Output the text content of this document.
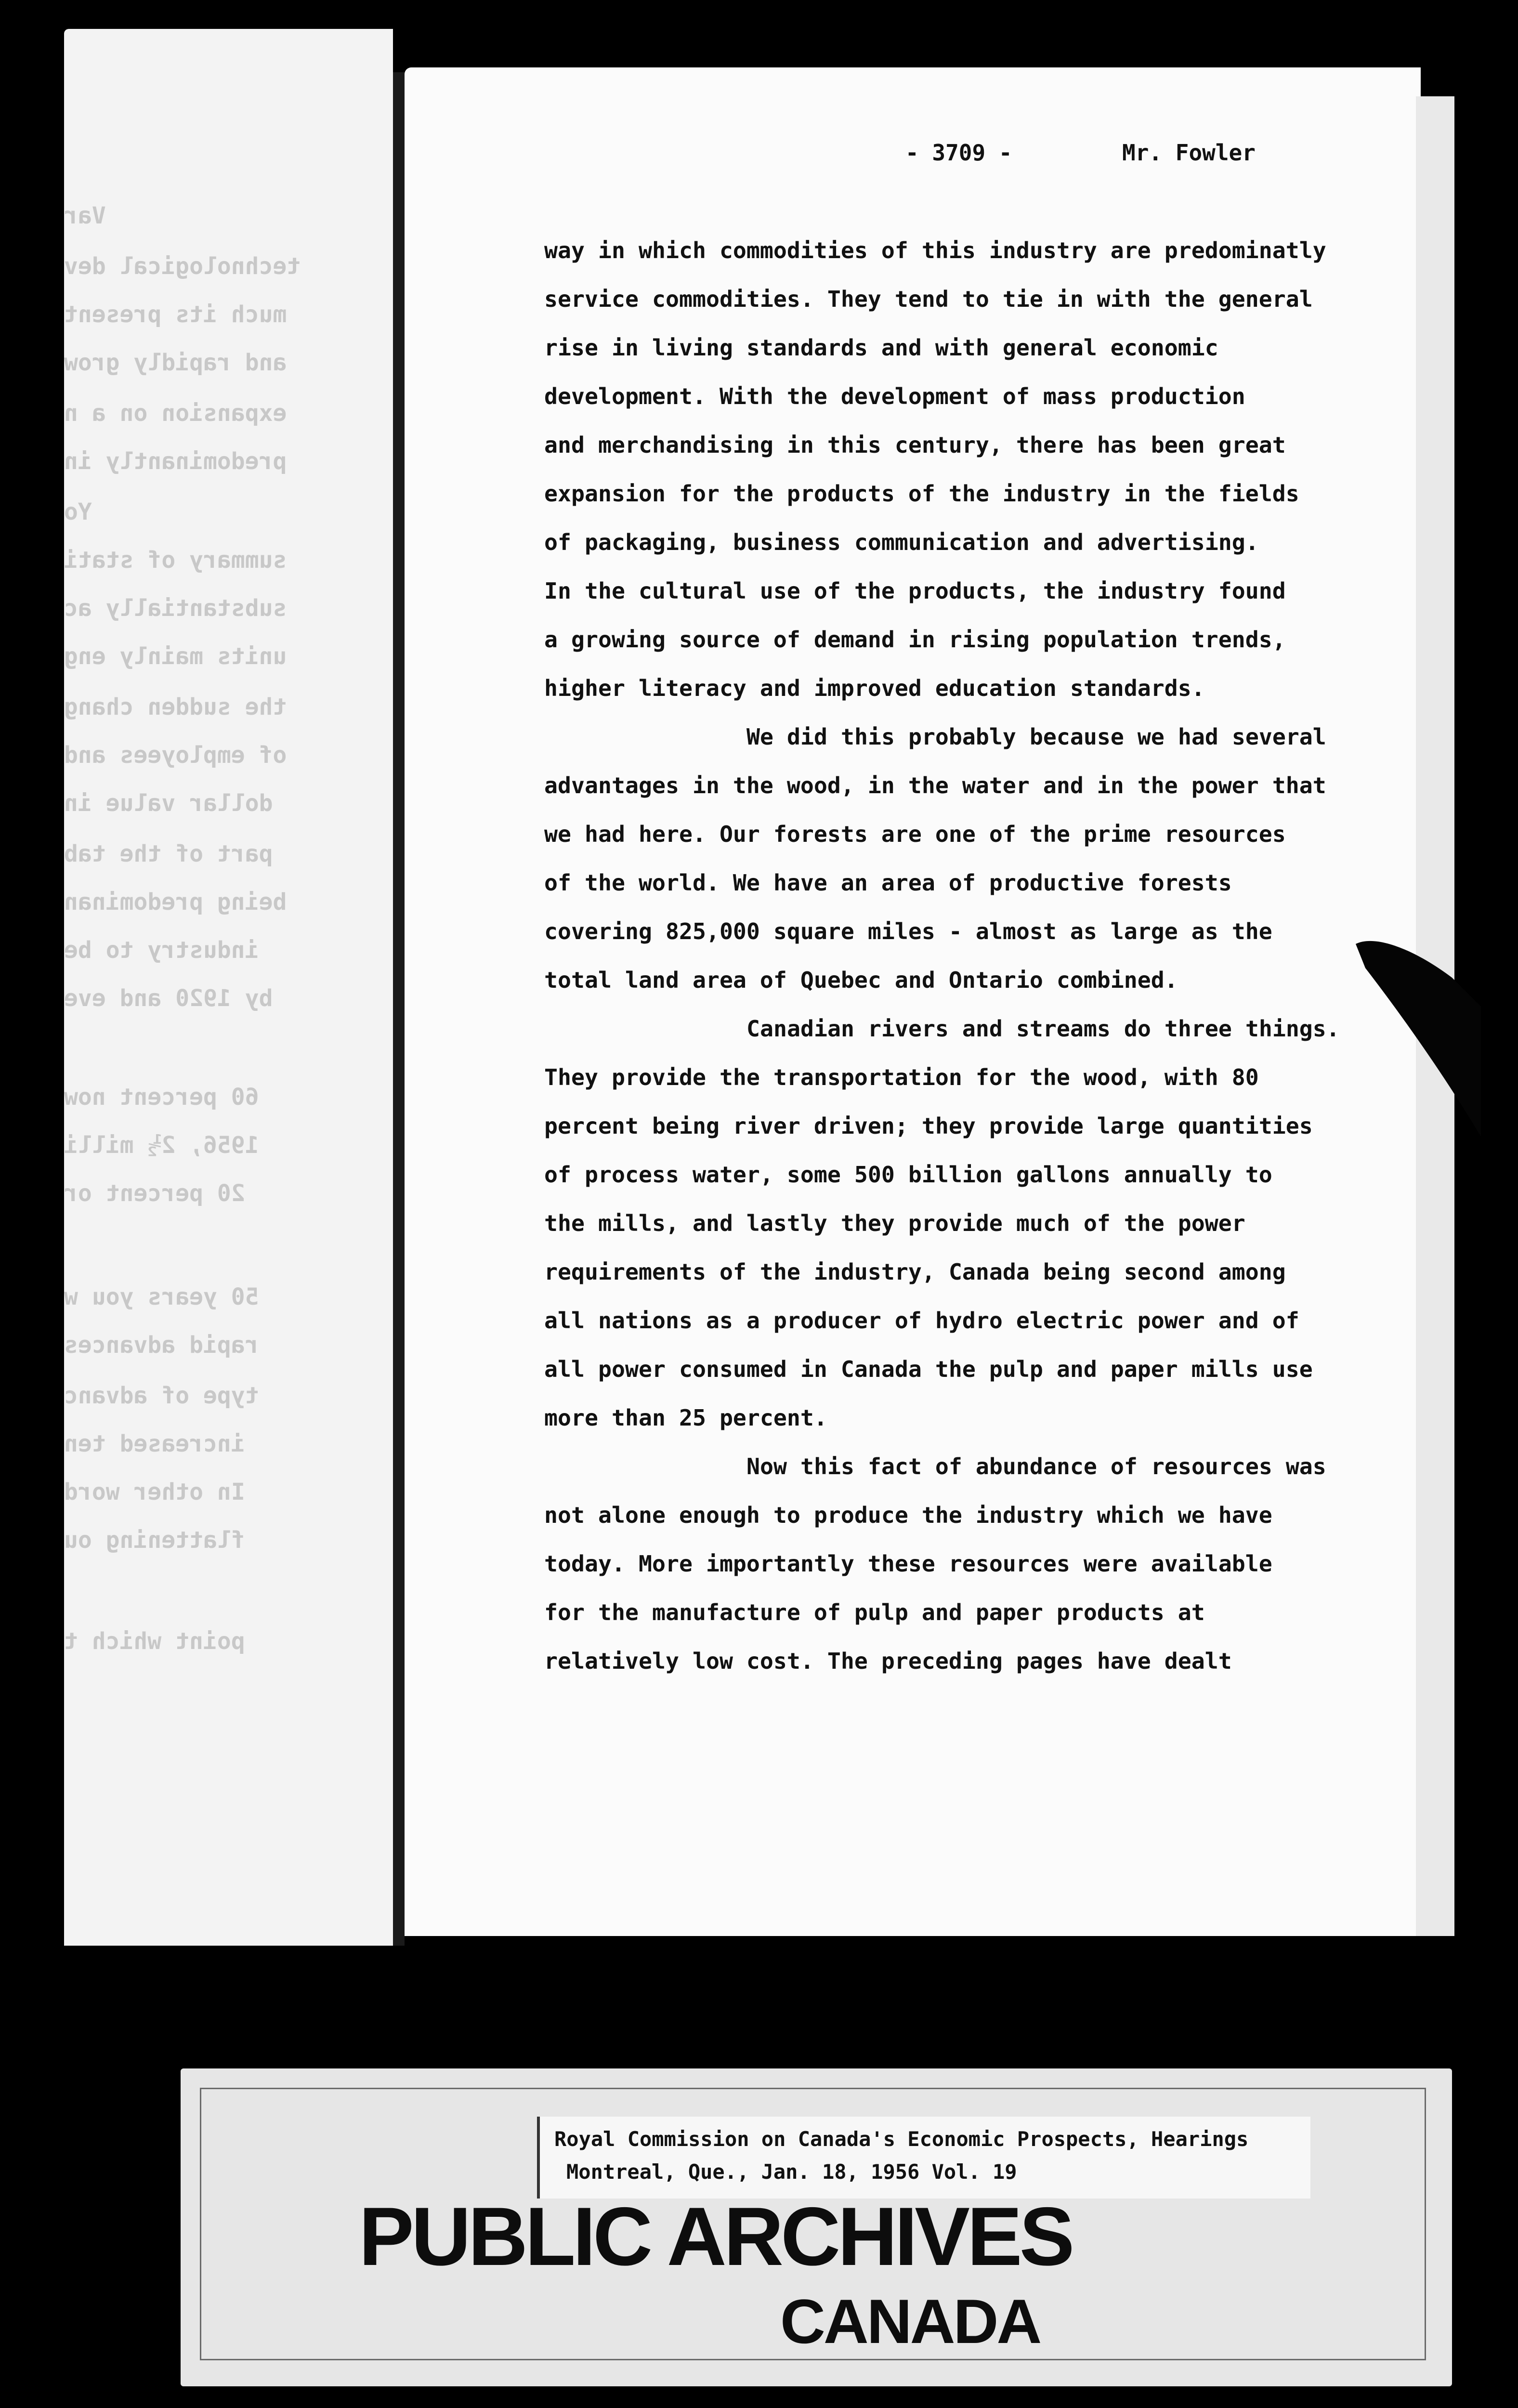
Var
technological dev
much its present
and rapidly grow
expansion on a n
predominantly in
Yo
summary of stati
substantially ac
units mainly eng
the sudden chang
of employees and
dollar value in
part of the tab
being predominan
industry to be
by 1920 and eve
60 percent now
1956, 2½ milli
20 percent or
50 years you w
rapid advances
type of advanc
increased ten
In other word
flattening ou
point which t
- 3709 -	Mr. Fowler
way in which commodities of this industry are predominatly
service commodities. They tend to tie in with the general
rise in living standards and with general economic
development. With the development of mass production
and merchandising in this century, there has been great
expansion for the products of the industry in the fields
of packaging, business communication and advertising.
In the cultural use of the products, the industry found
a growing source of demand in rising population trends,
higher literacy and improved education standards.
We did this probably because we had several
advantages in the wood, in the water and in the power that
we had here. Our forests are one of the prime resources
of the world. We have an area of productive forests
covering 825,000 square miles - almost as large as the
total land area of Quebec and Ontario combined.
Canadian rivers and streams do three things.
They provide the transportation for the wood, with 80
percent being river driven; they provide large quantities
of process water, some 500 billion gallons annually to
the mills, and lastly they provide much of the power
requirements of the industry, Canada being second among
all nations as a producer of hydro electric power and of
all power consumed in Canada the pulp and paper mills use
more than 25 percent.
Now this fact of abundance of resources was
not alone enough to produce the industry which we have
today. More importantly these resources were available
for the manufacture of pulp and paper products at
relatively low cost. The preceding pages have dealt
Royal Commission on Canada's Economic Prospects, Hearings
Montreal, Que., Jan. 18, 1956 Vol. 19
PUBLIC ARCHIVES
CANADA
